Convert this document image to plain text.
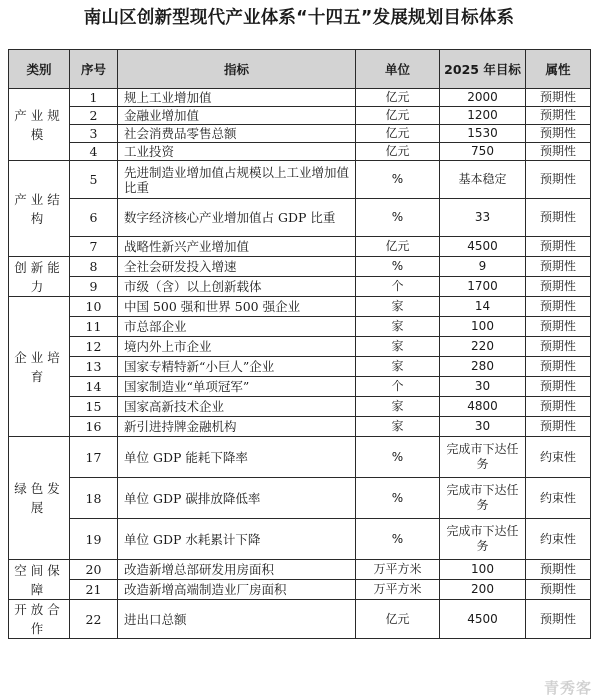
南山区创新型现代产业体系“十四五”发展规划目标体系
类别	序号	指标	单位	2025 年目标	属性
产业规模	1	规上工业增加值	亿元	2000	预期性
	2	金融业增加值	亿元	1200	预期性
	3	社会消费品零售总额	亿元	1530	预期性
	4	工业投资	亿元	750	预期性
产业结构	5	先进制造业增加值占规模以上工业增加值比重	%	基本稳定	预期性
	6	数字经济核心产业增加值占 GDP 比重	%	33	预期性
	7	战略性新兴产业增加值	亿元	4500	预期性
创新能力	8	全社会研发投入增速	%	9	预期性
	9	市级（含）以上创新载体	个	1700	预期性
企业培育	10	中国 500 强和世界 500 强企业	家	14	预期性
	11	市总部企业	家	100	预期性
	12	境内外上市企业	家	220	预期性
	13	国家专精特新“小巨人”企业	家	280	预期性
	14	国家制造业“单项冠军”	个	30	预期性
	15	国家高新技术企业	家	4800	预期性
	16	新引进持牌金融机构	家	30	预期性
绿色发展	17	单位 GDP 能耗下降率	%	完成市下达任务	约束性
	18	单位 GDP 碳排放降低率	%	完成市下达任务	约束性
	19	单位 GDP 水耗累计下降	%	完成市下达任务	约束性
空间保障	20	改造新增总部研发用房面积	万平方米	100	预期性
	21	改造新增高端制造业厂房面积	万平方米	200	预期性
开放合作	22	进出口总额	亿元	4500	预期性
青秀客
